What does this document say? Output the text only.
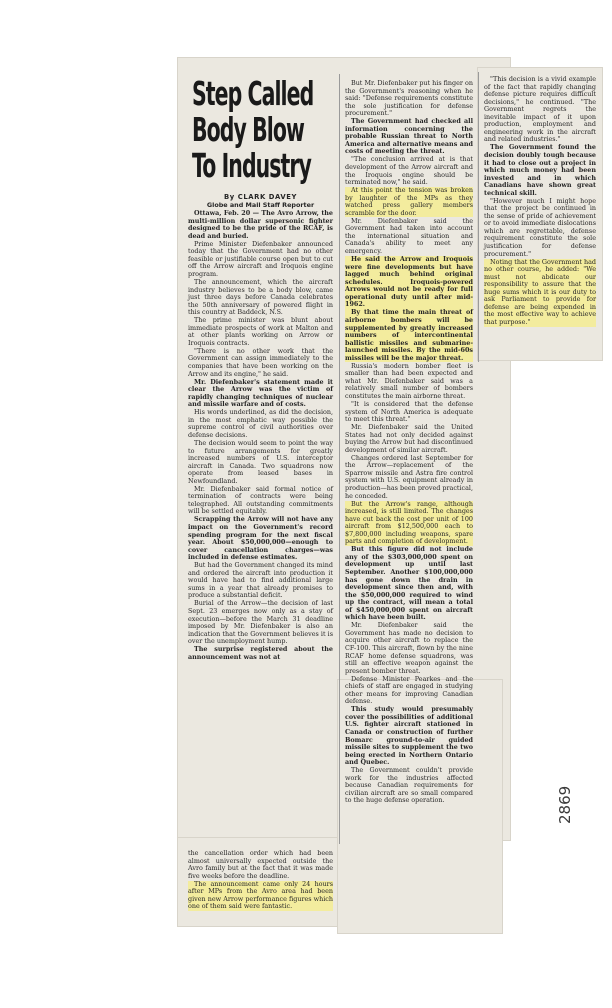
Step Called
Body Blow
To Industry
By CLARK DAVEY
Globe and Mail Staff Reporter

Ottawa, Feb. 20 — The Avro Arrow, the multi-million dollar supersonic fighter designed to be the pride of the RCAF, is dead and buried.

Prime Minister Diefenbaker announced today that the Government had no other feasible or justifiable course open but to cut off the Arrow aircraft and Iroquois engine program.

The announcement, which the aircraft industry believes to be a body blow, came just three days before Canada celebrates the 50th anniversary of powered flight in this country at Baddeck, N.S.

The prime minister was blunt about immediate prospects of work at Malton and at other plants working on Arrow or Iroquois contracts.

"There is no other work that the Government can assign immediately to the companies that have been working on the Arrow and its engine," he said.

Mr. Diefenbaker's statement made it clear the Arrow was the victim of rapidly changing techniques of nuclear and missile warfare and of costs.

His words underlined, as did the decision, in the most emphatic way possible the supreme control of civil authorities over defense decisions.

The decision would seem to point the way to future arrangements for greatly increased numbers of U.S. interceptor aircraft in Canada. Two squadrons now operate from leased bases in Newfoundland.

Mr. Diefenbaker said formal notice of termination of contracts were being telegraphed. All outstanding commitments will be settled equitably.

Scrapping the Arrow will not have any impact on the Government's record spending program for the next fiscal year. About $50,000,000—enough to cover cancellation charges—was included in defense estimates.

But had the Government changed its mind and ordered the aircraft into production it would have had to find additional large sums in a year that already promises to produce a substantial deficit.

Burial of the Arrow—the decision of last Sept. 23 emerges now only as a stay of execution—before the March 31 deadline imposed by Mr. Diefenbaker is also an indication that the Government believes it is over the unemployment hump.

The surprise registered about the announcement was not at

the cancellation order which had been almost universally expected outside the Avro family but at the fact that it was made five weeks before the deadline.

The announcement came only 24 hours after MPs from the Avro area had been given new Arrow performance figures which one of them said were fantastic.

But Mr. Diefenbaker put his finger on the Government's reasoning when he said: "Defense requirements constitute the sole justification for defense procurement."

The Government had checked all information concerning the probable Russian threat to North America and alternative means and costs of meeting the threat.

"The conclusion arrived at is that development of the Arrow aircraft and the Iroquois engine should be terminated now," he said.

At this point the tension was broken by laughter of the MPs as they watched press gallery members scramble for the door.

Mr. Diefenbaker said the Government had taken into account the international situation and Canada's ability to meet any emergency.

He said the Arrow and Iroquois were fine developments but have lagged much behind original schedules. Iroquois-powered Arrows would not be ready for full operational duty until after mid-1962.

By that time the main threat of airborne bombers will be supplemented by greatly increased numbers of intercontinental ballistic missiles and submarine-launched missiles. By the mid-60s missiles will be the major threat.

Russia's modern bomber fleet is smaller than had been expected and what Mr. Diefenbaker said was a relatively small number of bombers constitutes the main airborne threat.

"It is considered that the defense system of North America is adequate to meet this threat."

Mr. Diefenbaker said the United States had not only decided against buying the Arrow but had discontinued development of similar aircraft.

Changes ordered last September for the Arrow—replacement of the Sparrow missile and Astra fire control system with U.S. equipment already in production—has been proved practical, he conceded.

But the Arrow's range, although increased, is still limited. The changes have cut back the cost per unit of 100 aircraft from $12,500,000 each to $7,800,000 including weapons, spare parts and completion of development.

But this figure did not include any of the $303,000,000 spent on development up until last September. Another $100,000,000 has gone down the drain in development since then and, with the $50,000,000 required to wind up the contract, will mean a total of $450,000,000 spent on aircraft which have been built.

Mr. Diefenbaker said the Government has made no decision to acquire other aircraft to replace the CF-100. This aircraft, flown by the nine RCAF home defense squadrons, was still an effective weapon against the present bomber threat.

Defense Minister Pearkes and the chiefs of staff are engaged in studying other means for improving Canadian defense.

This study would presumably cover the possibilities of additional U.S. fighter aircraft stationed in Canada or construction of further Bomarc ground-to-air guided missile sites to supplement the two being erected in Northern Ontario and Quebec.

The Government couldn't provide work for the industries affected because Canadian requirements for civilian aircraft are so small compared to the huge defense operation.

"This decision is a vivid example of the fact that rapidly changing defense picture requires difficult decisions," he continued. "The Government regrets the inevitable impact of it upon production, employment and engineering work in the aircraft and related industries."

The Government found the decision doubly tough because it had to close out a project in which much money had been invested and in which Canadians have shown great technical skill.

"However much I might hope that the project be continued in the sense of pride of achievement or to avoid immediate dislocations which are regrettable, defense requirement constitute the sole justification for defense procurement."

Noting that the Government had no other course, he added: "We must not abdicate our responsibility to assure that the huge sums which it is our duty to ask Parliament to provide for defense are being expended in the most effective way to achieve that purpose."

2869
